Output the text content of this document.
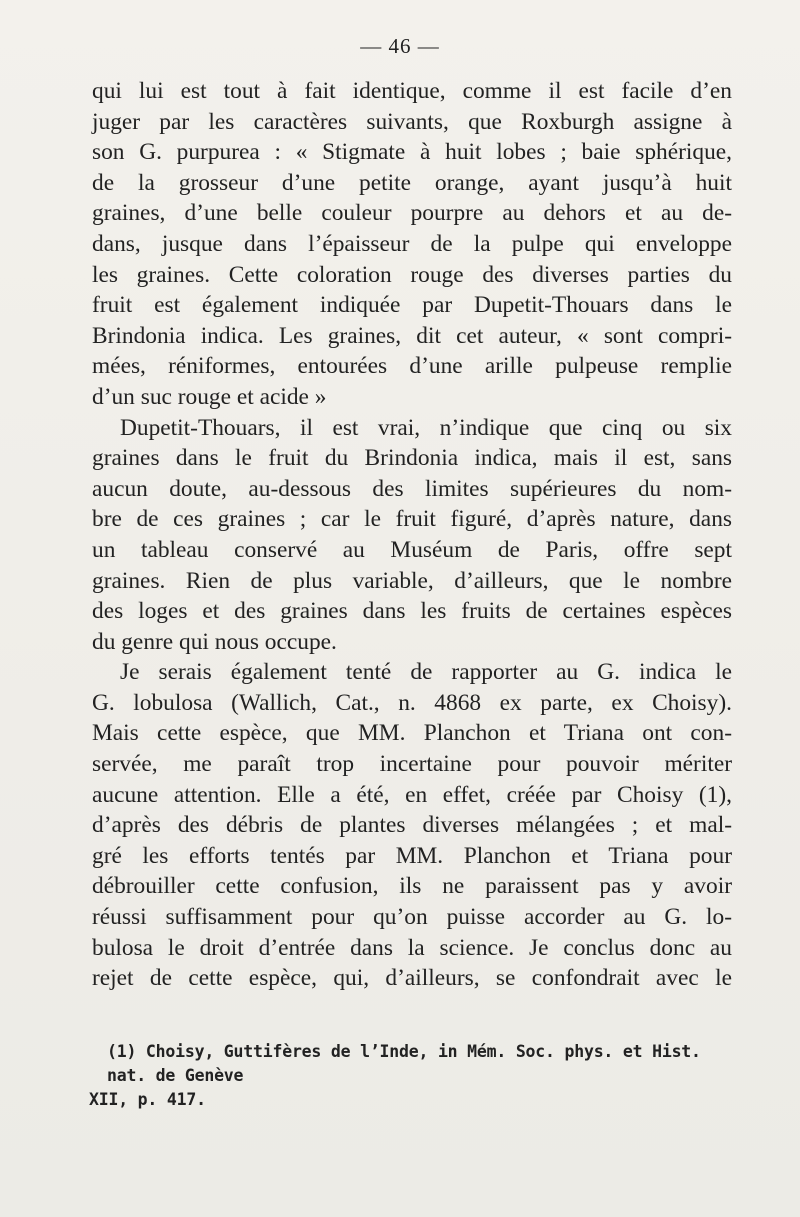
— 46 —
qui lui est tout à fait identique, comme il est facile d’en
juger par les caractères suivants, que Roxburgh assigne à
son G. purpurea : « Stigmate à huit lobes ; baie sphérique,
de la grosseur d’une petite orange, ayant jusqu’à huit
graines, d’une belle couleur pourpre au dehors et au de-
dans, jusque dans l’épaisseur de la pulpe qui enveloppe
les graines. Cette coloration rouge des diverses parties du
fruit est également indiquée par Dupetit-Thouars dans le
Brindonia indica. Les graines, dit cet auteur, « sont compri-
mées, réniformes, entourées d’une arille pulpeuse remplie
d’un suc rouge et acide »
Dupetit-Thouars, il est vrai, n’indique que cinq ou six
graines dans le fruit du Brindonia indica, mais il est, sans
aucun doute, au-dessous des limites supérieures du nom-
bre de ces graines ; car le fruit figuré, d’après nature, dans
un tableau conservé au Muséum de Paris, offre sept
graines. Rien de plus variable, d’ailleurs, que le nombre
des loges et des graines dans les fruits de certaines espèces
du genre qui nous occupe.
Je serais également tenté de rapporter au G. indica le
G. lobulosa (Wallich, Cat., n. 4868 ex parte, ex Choisy).
Mais cette espèce, que MM. Planchon et Triana ont con-
servée, me paraît trop incertaine pour pouvoir mériter
aucune attention. Elle a été, en effet, créée par Choisy (1),
d’après des débris de plantes diverses mélangées ; et mal-
gré les efforts tentés par MM. Planchon et Triana pour
débrouiller cette confusion, ils ne paraissent pas y avoir
réussi suffisamment pour qu’on puisse accorder au G. lo-
bulosa le droit d’entrée dans la science. Je conclus donc au
rejet de cette espèce, qui, d’ailleurs, se confondrait avec le
(1) Choisy, Guttifères de l’Inde, in Mém. Soc. phys. et Hist. nat. de Genève
XII, p. 417.
